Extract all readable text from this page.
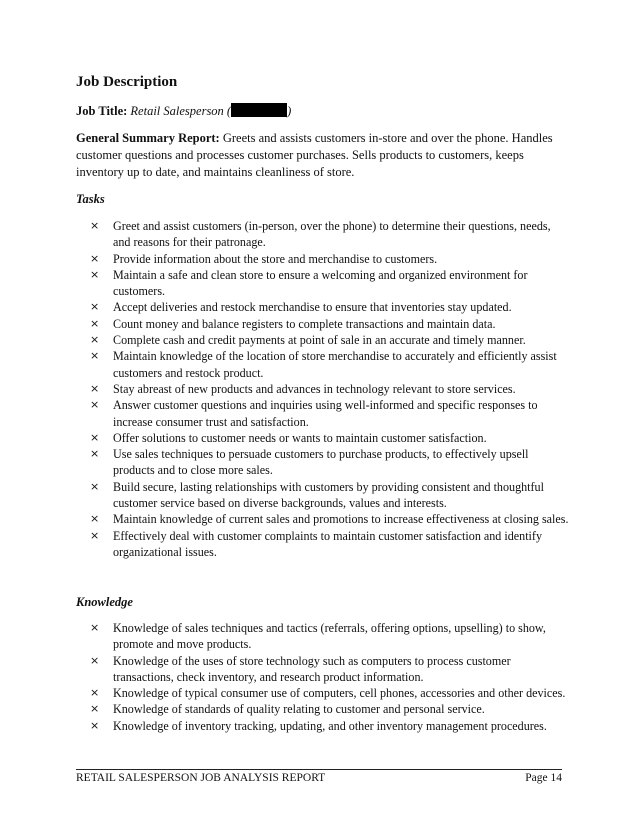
Job Description
Job Title: Retail Salesperson (	)

General Summary Report: Greets and assists customers in-store and over the phone. Handles customer questions and processes customer purchases. Sells products to customers, keeps inventory up to date, and maintains cleanliness of store.

Tasks
× Greet and assist customers (in-person, over the phone) to determine their questions, needs, and reasons for their patronage.
× Provide information about the store and merchandise to customers.
× Maintain a safe and clean store to ensure a welcoming and organized environment for customers.
× Accept deliveries and restock merchandise to ensure that inventories stay updated.
× Count money and balance registers to complete transactions and maintain data.
× Complete cash and credit payments at point of sale in an accurate and timely manner.
× Maintain knowledge of the location of store merchandise to accurately and efficiently assist customers and restock product.
× Stay abreast of new products and advances in technology relevant to store services.
× Answer customer questions and inquiries using well-informed and specific responses to increase consumer trust and satisfaction.
× Offer solutions to customer needs or wants to maintain customer satisfaction.
× Use sales techniques to persuade customers to purchase products, to effectively upsell products and to close more sales.
× Build secure, lasting relationships with customers by providing consistent and thoughtful customer service based on diverse backgrounds, values and interests.
× Maintain knowledge of current sales and promotions to increase effectiveness at closing sales.
× Effectively deal with customer complaints to maintain customer satisfaction and identify organizational issues.
Knowledge
× Knowledge of sales techniques and tactics (referrals, offering options, upselling) to show, promote and move products.
× Knowledge of the uses of store technology such as computers to process customer transactions, check inventory, and research product information.
× Knowledge of typical consumer use of computers, cell phones, accessories and other devices.
× Knowledge of standards of quality relating to customer and personal service.
× Knowledge of inventory tracking, updating, and other inventory management procedures.
RETAIL SALESPERSON JOB ANALYSIS REPORT	Page 14
